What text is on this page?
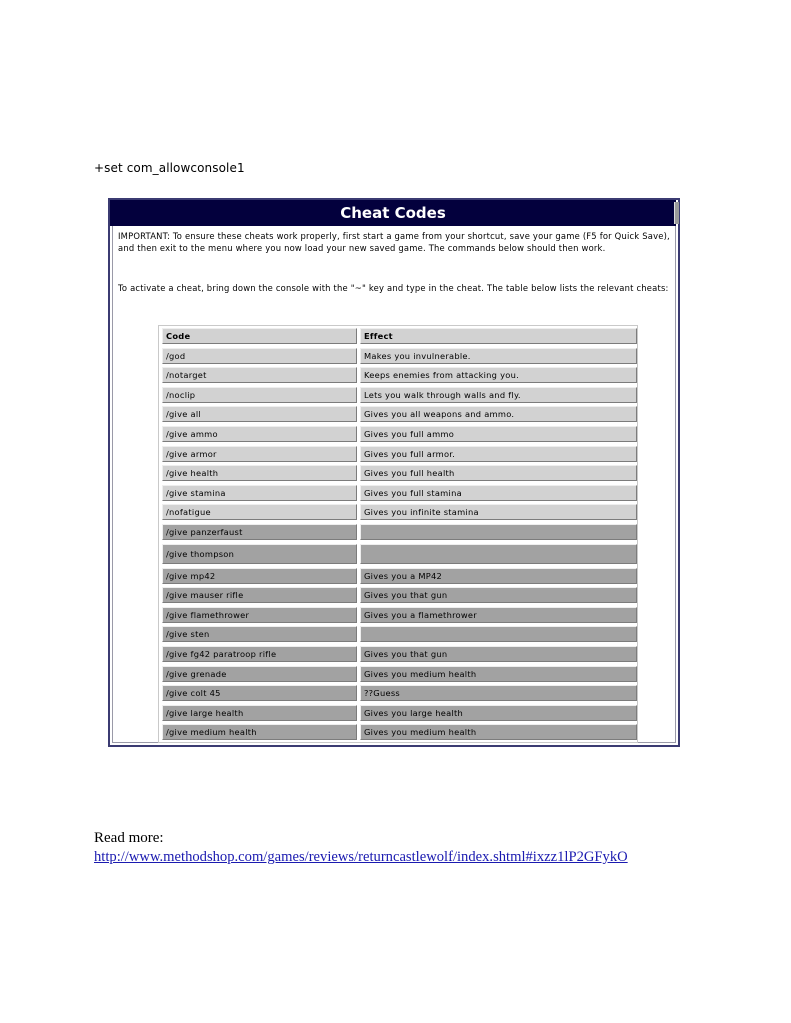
+set com_allowconsole1
Cheat Codes
IMPORTANT: To ensure these cheats work properly, first start a game from your shortcut, save your game (F5 for Quick Save), and then exit to the menu where you now load your new saved game. The commands below should then work.
To activate a cheat, bring down the console with the "~" key and type in the cheat. The table below lists the relevant cheats:
Code	Effect
/god	Makes you invulnerable.
/notarget	Keeps enemies from attacking you.
/noclip	Lets you walk through walls and fly.
/give all	Gives you all weapons and ammo.
/give ammo	Gives you full ammo
/give armor	Gives you full armor.
/give health	Gives you full health
/give stamina	Gives you full stamina
/nofatigue	Gives you infinite stamina
/give panzerfaust
/give thompson
/give mp42	Gives you a MP42
/give mauser rifle	Gives you that gun
/give flamethrower	Gives you a flamethrower
/give sten
/give fg42 paratroop rifle	Gives you that gun
/give grenade	Gives you medium health
/give colt 45	??Guess
/give large health	Gives you large health
/give medium health	Gives you medium health
Read more:
http://www.methodshop.com/games/reviews/returncastlewolf/index.shtml#ixzz1lP2GFykO
